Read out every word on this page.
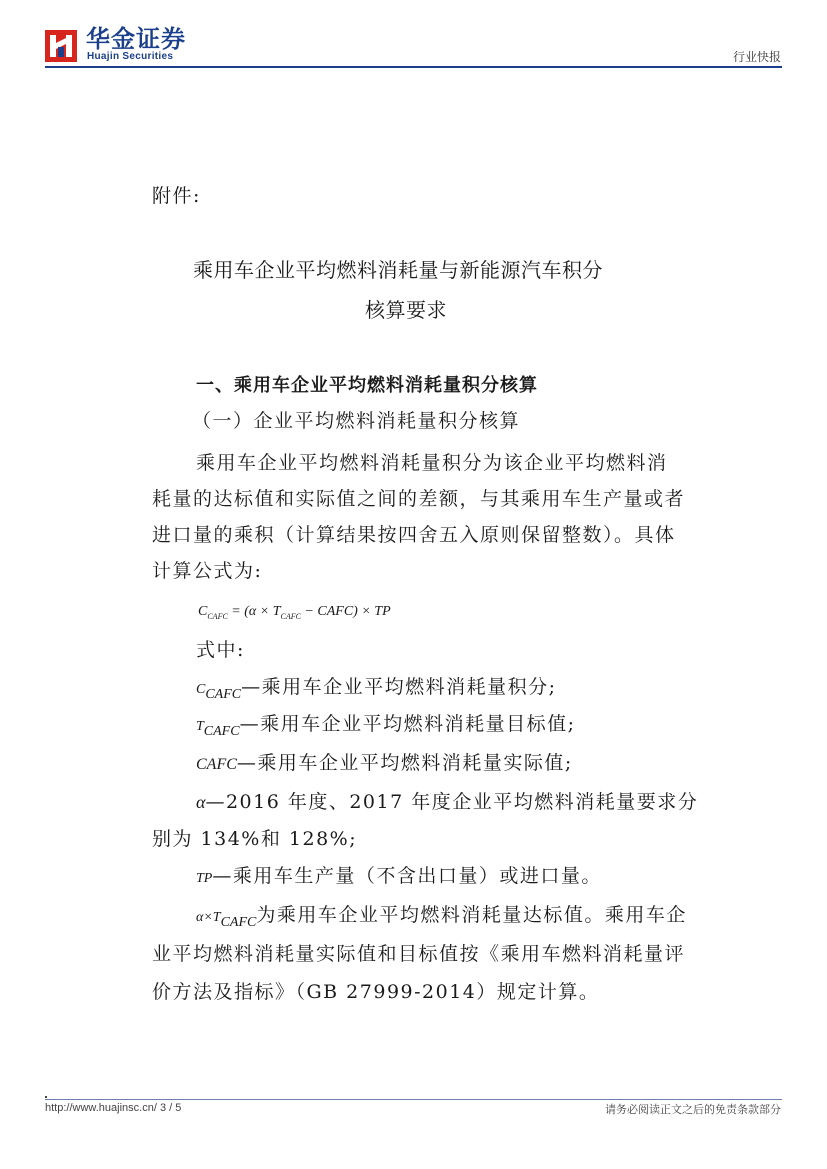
华金证券
Huajin Securities	行业快报
附件:
乘用车企业平均燃料消耗量与新能源汽车积分
核算要求
一、乘用车企业平均燃料消耗量积分核算
（一）企业平均燃料消耗量积分核算
乘用车企业平均燃料消耗量积分为该企业平均燃料消
耗量的达标值和实际值之间的差额，与其乘用车生产量或者
进口量的乘积（计算结果按四舍五入原则保留整数）。具体
计算公式为:
$C_{CAFC} = (\alpha \times T_{CAFC}$ − CAFC) × TP
式中:
$C_{CAFC}—$乘用车企业平均燃料消耗量积分;
$T_{CAFC}—$乘用车企业平均燃料消耗量目标值;
CAFC—乘用车企业平均燃料消耗量实际值;
α—2016 年度、2017 年度企业平均燃料消耗量要求分
别为 134%和 128%;
TP—乘用车生产量（不含出口量）或进口量。
$\alpha\times T_{CAFC}$为乘用车企业平均燃料消耗量达标值。乘用车企
业平均燃料消耗量实际值和目标值按《乘用车燃料消耗量评
价方法及指标》（GB 27999-2014）规定计算。
http://www.huajinsc.cn/ 3 / 5	请务必阅读正文之后的免责条款部分
